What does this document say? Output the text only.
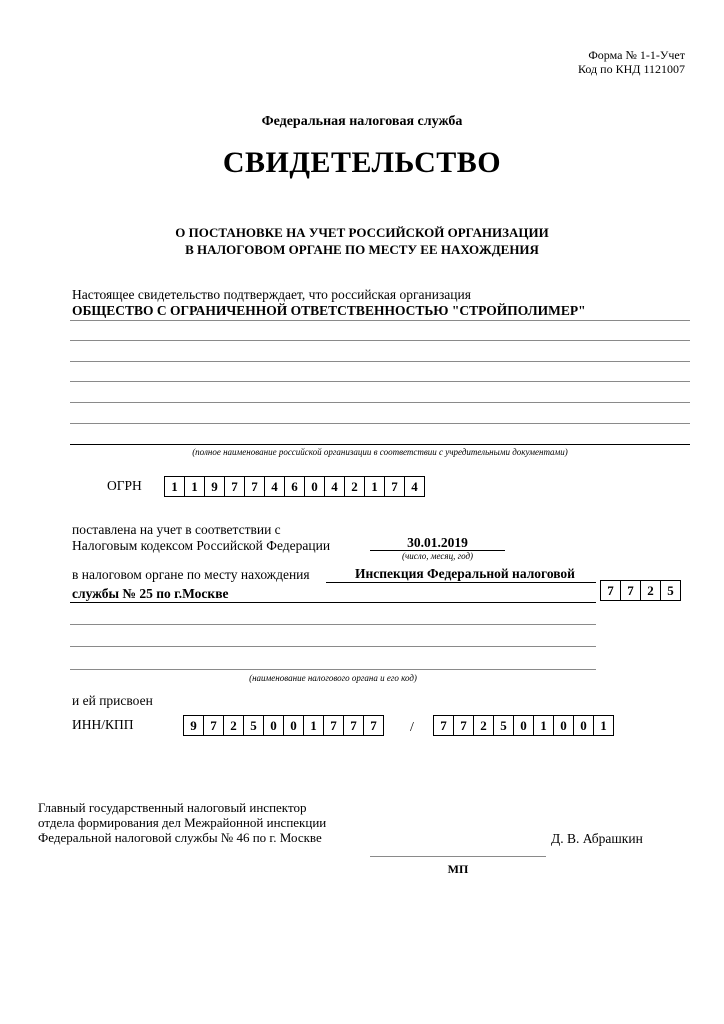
Форма № 1-1-Учет
Код по КНД 1121007
Федеральная налоговая служба
СВИДЕТЕЛЬСТВО
О ПОСТАНОВКЕ НА УЧЕТ РОССИЙСКОЙ ОРГАНИЗАЦИИ
В НАЛОГОВОМ ОРГАНЕ ПО МЕСТУ ЕЕ НАХОЖДЕНИЯ
Настоящее свидетельство подтверждает, что российская организация
ОБЩЕСТВО С ОГРАНИЧЕННОЙ ОТВЕТСТВЕННОСТЬЮ "СТРОЙПОЛИМЕР"
(полное наименование российской организации в соответствии с учредительными документами)
ОГРН	1	1	9	7	7	4	6	0	4	2	1	7	4
поставлена на учет в соответствии с
Налоговым кодексом Российской Федерации	30.01.2019
(число, месяц, год)
в налоговом органе по месту нахождения	Инспекция Федеральной налоговой
службы № 25 по г.Москве	7	7	2	5
(наименование налогового органа и его код)
и ей присвоен
ИНН/КПП	9	7	2	5	0	0	1	7	7	7	/	7	7	2	5	0	1	0	0	1
Главный государственный налоговый инспектор
отдела формирования дел Межрайонной инспекции
Федеральной налоговой службы № 46 по г. Москве	Д. В. Абрашкин
МП
